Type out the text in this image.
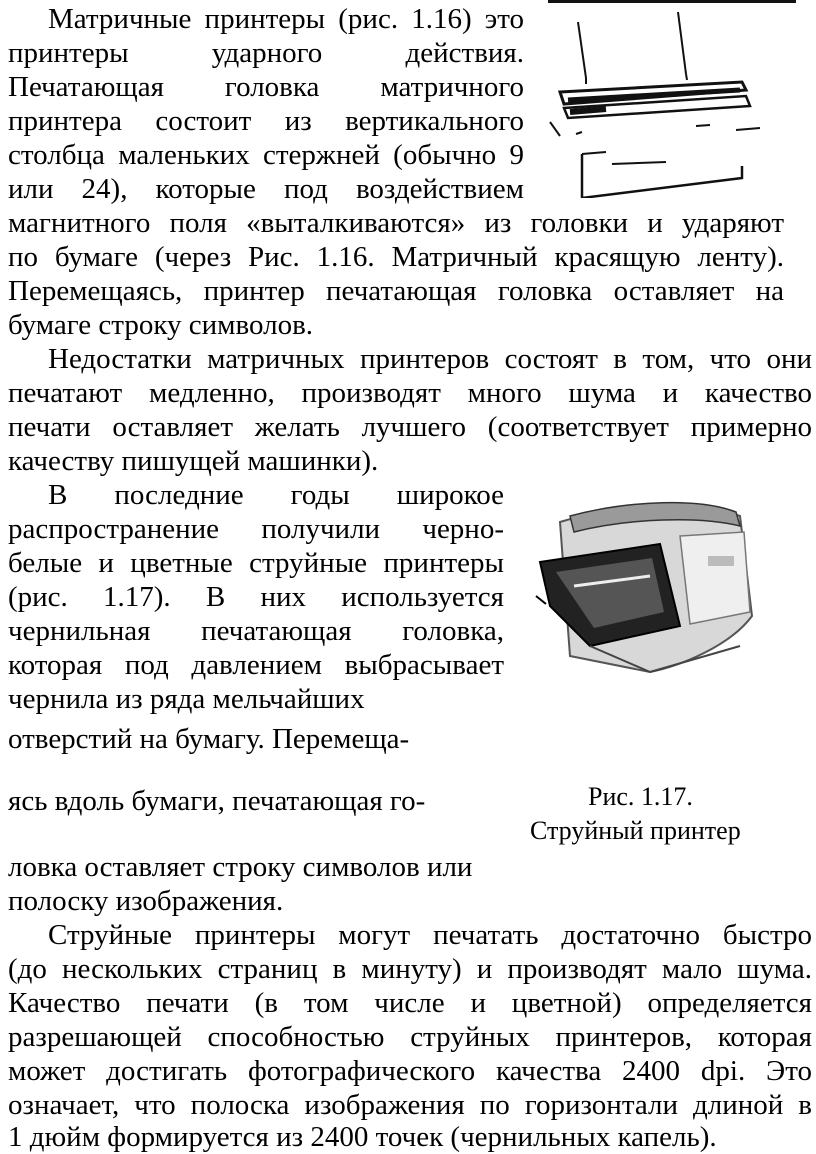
Матричные принтеры (рис. 1.16) это
принтеры ударного действия.
Печатающая головка матричного
принтера состоит из вертикального
столбца маленьких стержней (обычно 9
или 24), которые под воздействием
магнитного поля «выталкиваются» из головки и ударяют
по бумаге (через Рис. 1.16. Матричный красящую ленту).
Перемещаясь, принтер печатающая головка оставляет на
бумаге строку символов.
Недостатки матричных принтеров состоят в том, что они
печатают медленно, производят много шума и качество
печати оставляет желать лучшего (соответствует примерно
качеству пишущей машинки).
В последние годы широкое
распространение получили черно-
белые и цветные струйные принтеры
(рис. 1.17). В них используется
чернильная печатающая головка,
которая под давлением выбрасывает
чернила из ряда мельчайших
отверстий на бумагу. Перемеща-
ясь вдоль бумаги, печатающая го-
ловка оставляет строку символов или
полоску изображения.
Рис. 1.17.
Струйный принтер
Струйные принтеры могут печатать достаточно быстро
(до нескольких страниц в минуту) и производят мало шума.
Качество печати (в том числе и цветной) определяется
разрешающей способностью струйных принтеров, которая
может достигать фотографического качества 2400 dpi. Это
означает, что полоска изображения по горизонтали длиной в
1 дюйм формируется из 2400 точек (чернильных капель).
